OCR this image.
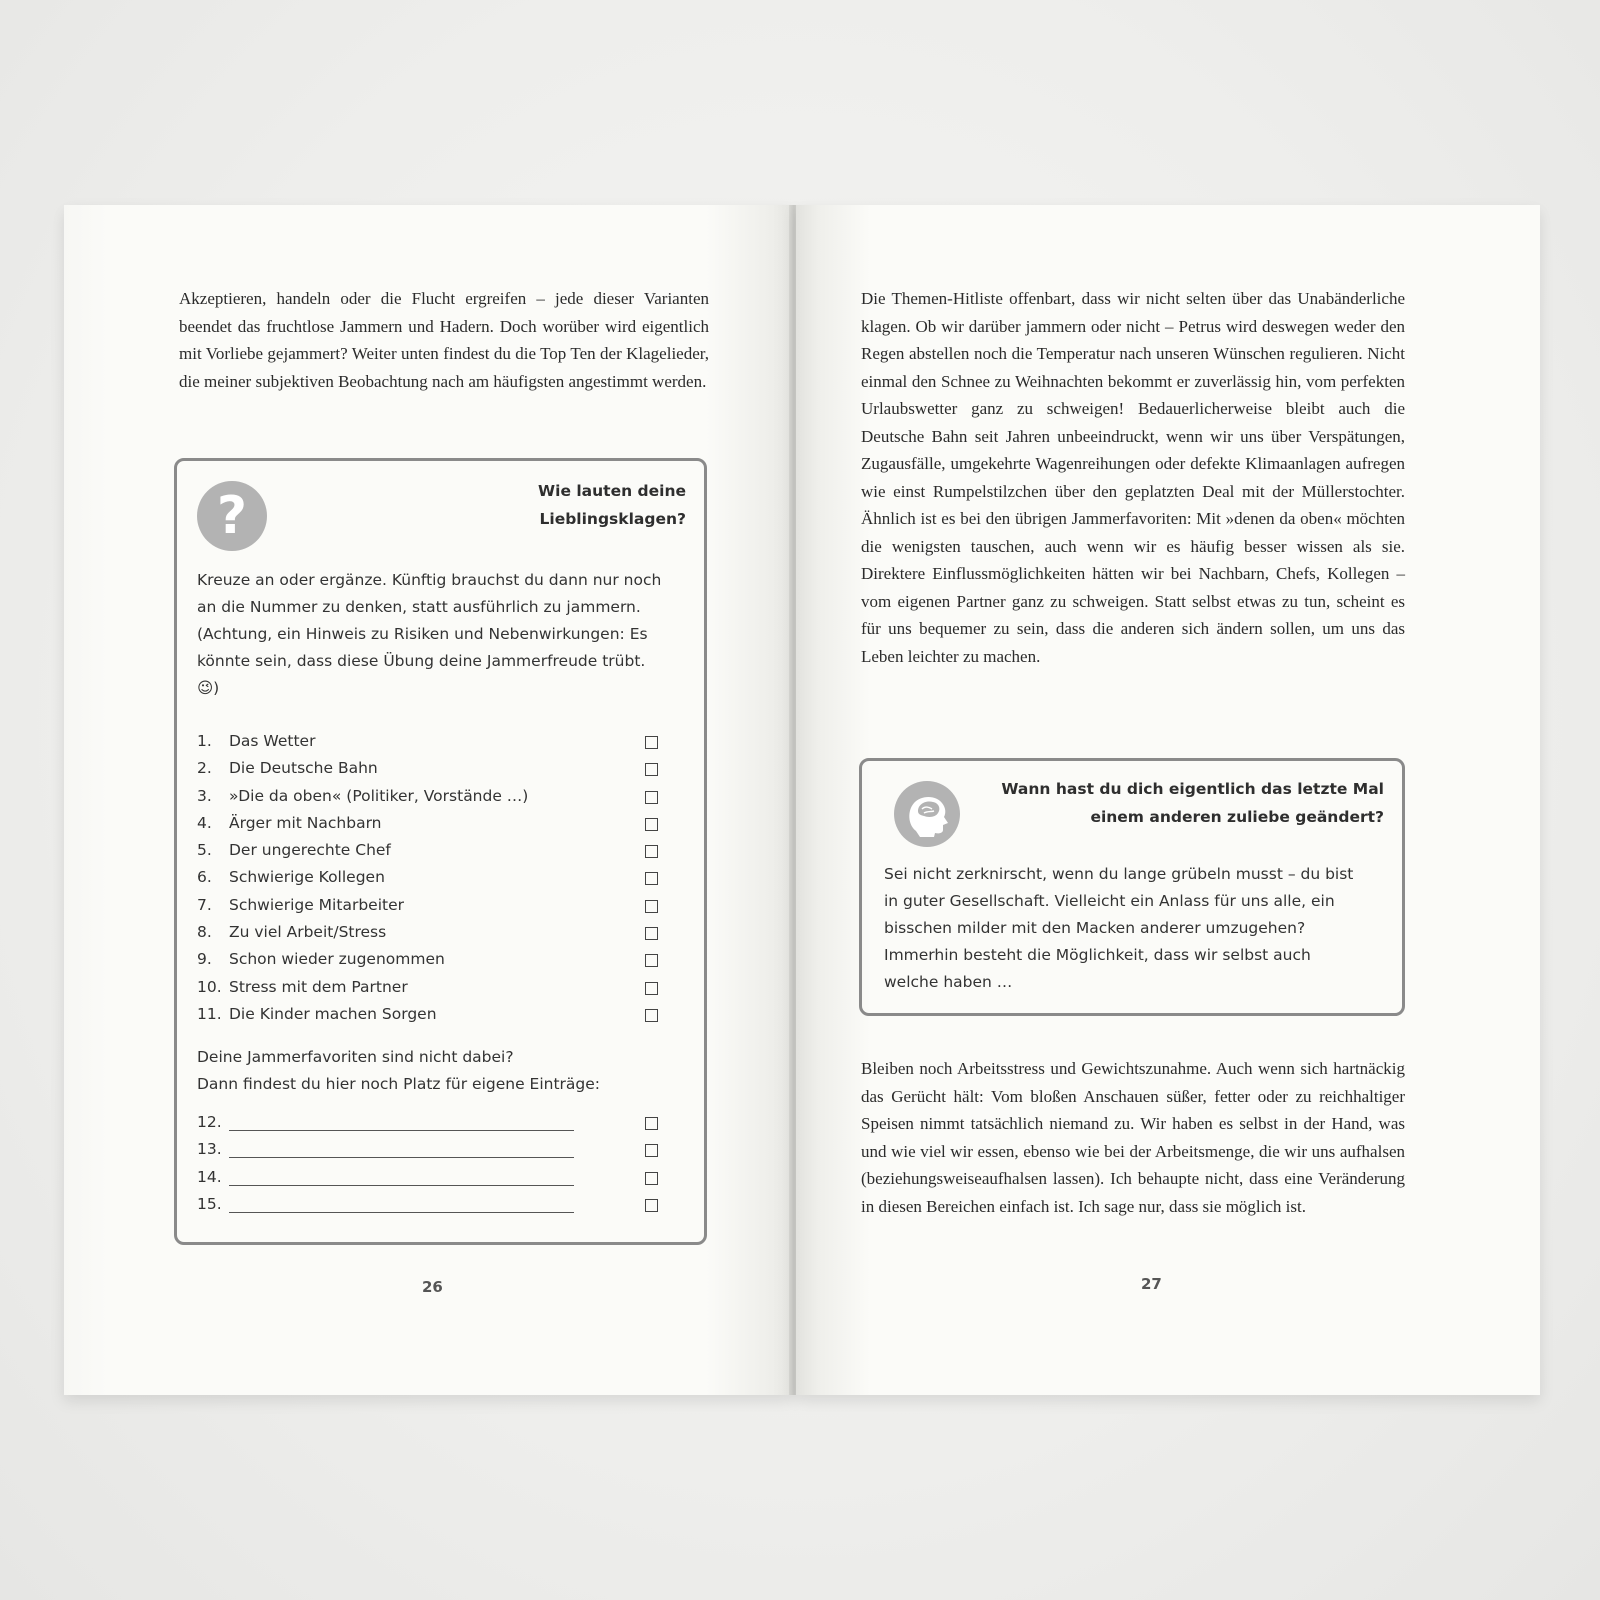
Akzeptieren, handeln oder die Flucht ergreifen – jede dieser Varianten beendet das fruchtlose Jammern und Hadern. Doch worüber wird eigentlich mit Vorliebe gejammert? Weiter unten findest du die Top Ten der Klagelieder, die meiner subjektiven Beobachtung nach am häufigsten angestimmt werden.

?	Wie lauten deine
Lieblingsklagen?

Kreuze an oder ergänze. Künftig brauchst du dann nur noch an die Nummer zu denken, statt ausführlich zu jammern. (Achtung, ein Hinweis zu Risiken und Nebenwirkungen: Es könnte sein, dass diese Übung deine Jammerfreude trübt. 😉)

1.	Das Wetter
2.	Die Deutsche Bahn
3.	»Die da oben« (Politiker, Vorstände …)
4.	Ärger mit Nachbarn
5.	Der ungerechte Chef
6.	Schwierige Kollegen
7.	Schwierige Mitarbeiter
8.	Zu viel Arbeit/Stress
9.	Schon wieder zugenommen
10. Stress mit dem Partner
11. Die Kinder machen Sorgen
Deine Jammerfavoriten sind nicht dabei?
Dann findest du hier noch Platz für eigene Einträge:
12.
13.
14.
15.
26

Die Themen-Hitliste offenbart, dass wir nicht selten über das Unabänderliche klagen. Ob wir darüber jammern oder nicht – Petrus wird deswegen weder den Regen abstellen noch die Temperatur nach unseren Wünschen regulieren. Nicht einmal den Schnee zu Weihnachten bekommt er zuverlässig hin, vom perfekten Urlaubswetter ganz zu schweigen! Bedauerlicherweise bleibt auch die Deutsche Bahn seit Jahren unbeeindruckt, wenn wir uns über Verspätungen, Zugausfälle, umgekehrte Wagenreihungen oder defekte Klimaanlagen aufregen wie einst Rumpelstilzchen über den geplatzten Deal mit der Müllerstochter. Ähnlich ist es bei den übrigen Jammerfavoriten: Mit »denen da oben« möchten die wenigsten tauschen, auch wenn wir es häufig besser wissen als sie. Direktere Einflussmöglichkeiten hätten wir bei Nachbarn, Chefs, Kollegen – vom eigenen Partner ganz zu schweigen. Statt selbst etwas zu tun, scheint es für uns bequemer zu sein, dass die anderen sich ändern sollen, um uns das Leben leichter zu machen.

Wann hast du dich eigentlich das letzte Mal
einem anderen zuliebe geändert?

Sei nicht zerknirscht, wenn du lange grübeln musst – du bist in guter Gesellschaft. Vielleicht ein Anlass für uns alle, ein bisschen milder mit den Macken anderer umzugehen? Immerhin besteht die Möglichkeit, dass wir selbst auch welche haben …

Bleiben noch Arbeitsstress und Gewichtszunahme. Auch wenn sich hartnäckig das Gerücht hält: Vom bloßen Anschauen süßer, fetter oder zu reichhaltiger Speisen nimmt tatsächlich niemand zu. Wir haben es selbst in der Hand, was und wie viel wir essen, ebenso wie bei der Arbeitsmenge, die wir uns aufhalsen (beziehungsweiseaufhalsen lassen). Ich behaupte nicht, dass eine Veränderung in diesen Bereichen einfach ist. Ich sage nur, dass sie möglich ist.

27
